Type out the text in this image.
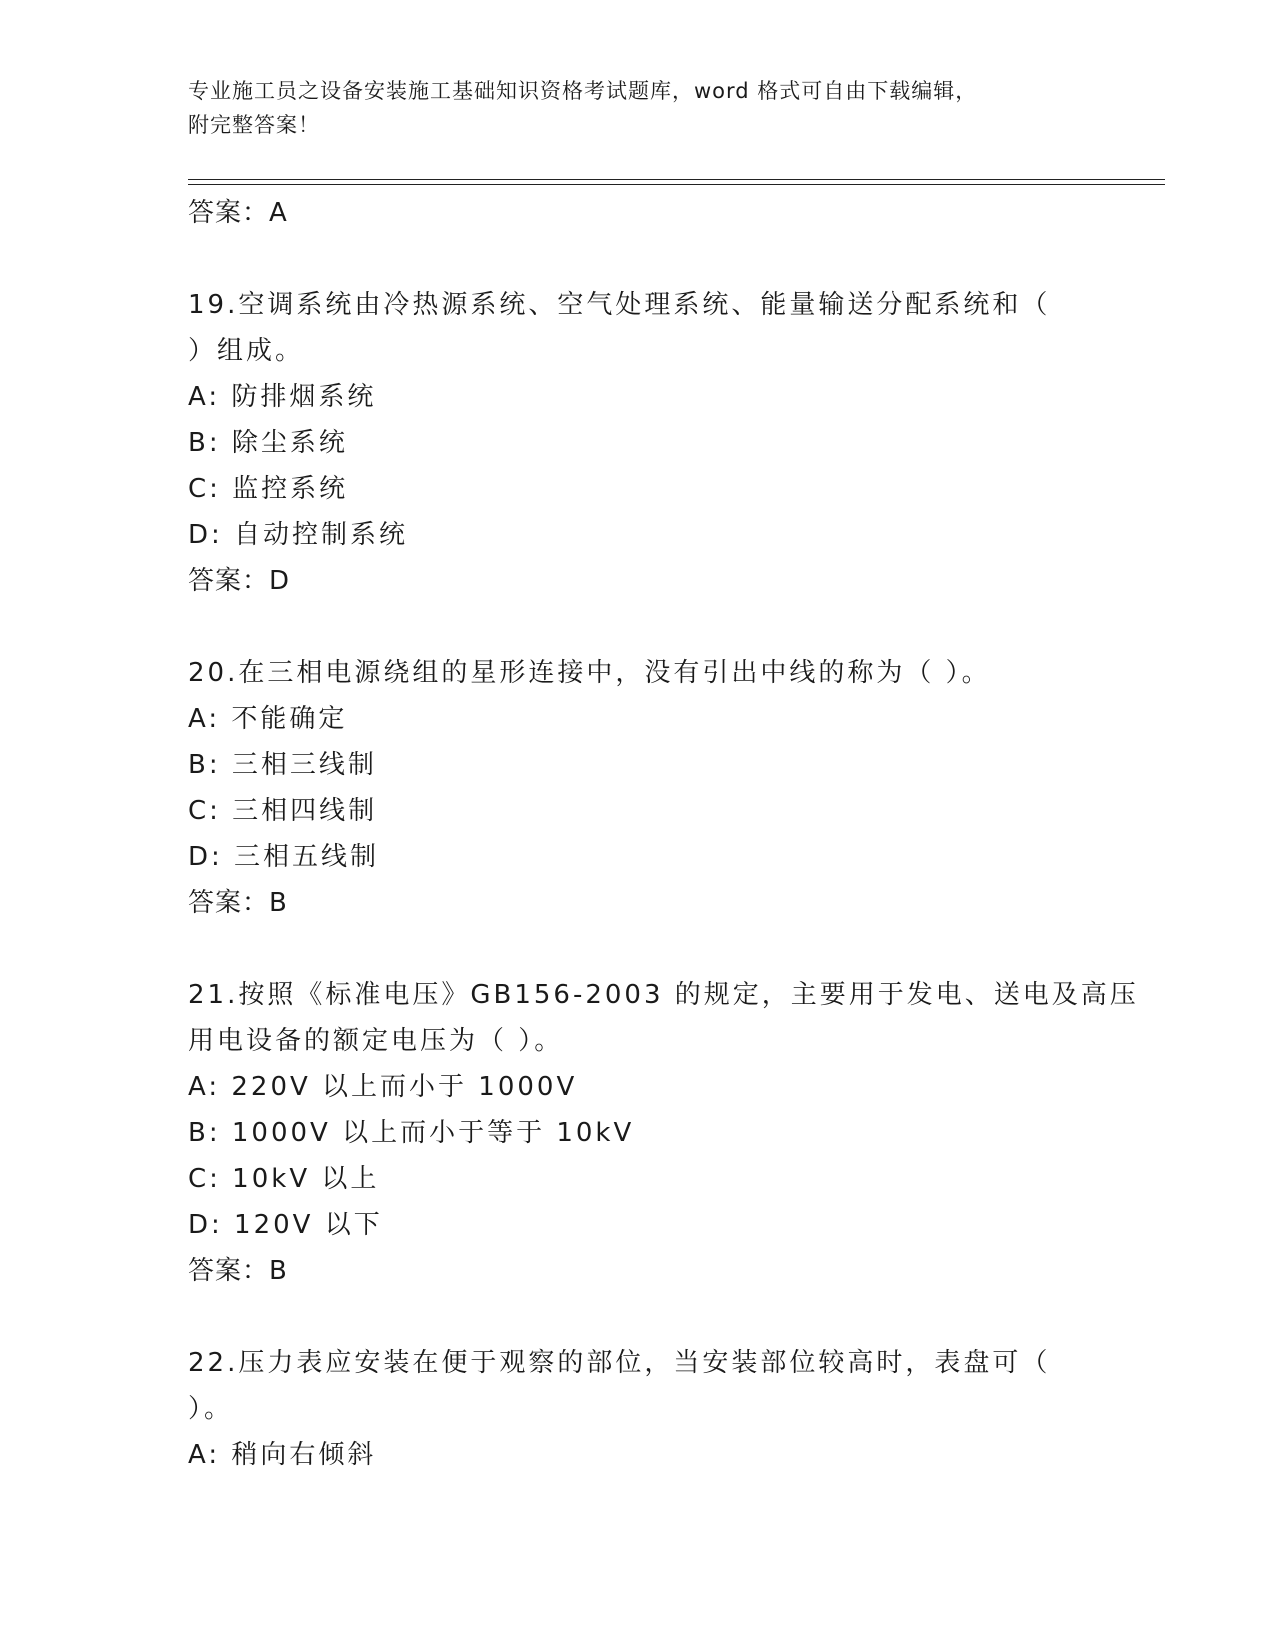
专业施工员之设备安装施工基础知识资格考试题库，word 格式可自由下载编辑，
附完整答案！
答案：A
19.空调系统由冷热源系统、空气处理系统、能量输送分配系统和（
）组成。
A: 防排烟系统
B: 除尘系统
C: 监控系统
D: 自动控制系统
答案：D
20.在三相电源绕组的星形连接中，没有引出中线的称为（ ）。
A: 不能确定
B: 三相三线制
C: 三相四线制
D: 三相五线制
答案：B
21.按照《标准电压》GB156-2003 的规定，主要用于发电、送电及高压
用电设备的额定电压为（ ）。
A: 220V 以上而小于 1000V
B: 1000V 以上而小于等于 10kV
C: 10kV 以上
D: 120V 以下
答案：B
22.压力表应安装在便于观察的部位，当安装部位较高时，表盘可（
）。
A: 稍向右倾斜
